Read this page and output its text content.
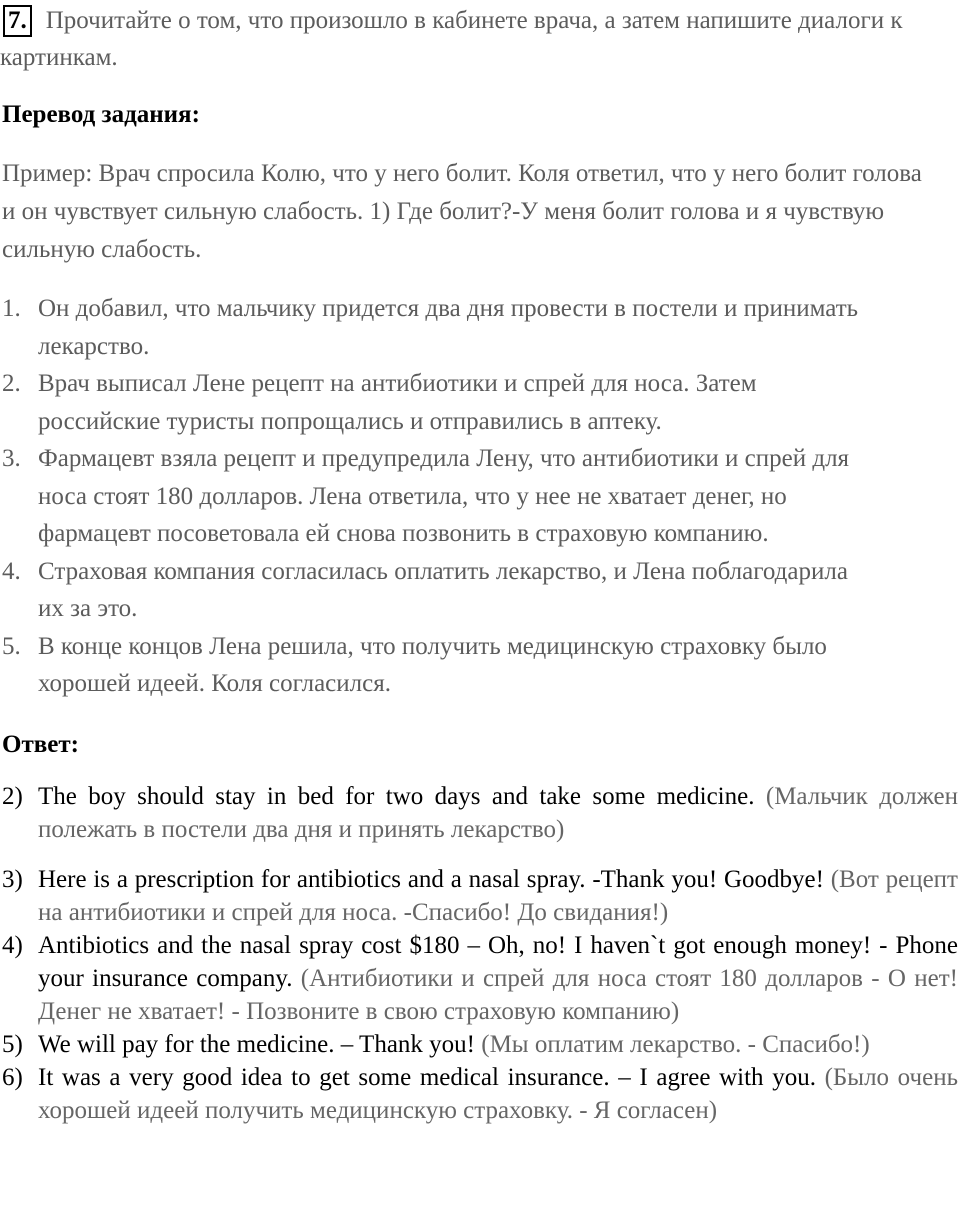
7. Прочитайте о том, что произошло в кабинете врача, а затем напишите диалоги к картинкам.
Перевод задания:
Пример: Врач спросила Колю, что у него болит. Коля ответил, что у него болит голова и он чувствует сильную слабость. 1) Где болит?-У меня болит голова и я чувствую сильную слабость.
1. Он добавил, что мальчику придется два дня провести в постели и принимать лекарство.
2. Врач выписал Лене рецепт на антибиотики и спрей для носа. Затем российские туристы попрощались и отправились в аптеку.
3. Фармацевт взяла рецепт и предупредила Лену, что антибиотики и спрей для носа стоят 180 долларов. Лена ответила, что у нее не хватает денег, но фармацевт посоветовала ей снова позвонить в страховую компанию.
4. Страховая компания согласилась оплатить лекарство, и Лена поблагодарила их за это.
5. В конце концов Лена решила, что получить медицинскую страховку было хорошей идеей. Коля согласился.
Ответ:
2) The boy should stay in bed for two days and take some medicine. (Мальчик должен полежать в постели два дня и принять лекарство)
3) Here is a prescription for antibiotics and a nasal spray. -Thank you! Goodbye! (Вот рецепт на антибиотики и спрей для носа. -Спасибо! До свидания!)
4) Antibiotics and the nasal spray cost $180 – Oh, no! I haven`t got enough money! - Phone your insurance company. (Антибиотики и спрей для носа стоят 180 долларов - О нет! Денег не хватает! - Позвоните в свою страховую компанию)
5) We will pay for the medicine. – Thank you! (Мы оплатим лекарство. - Спасибо!)
6) It was a very good idea to get some medical insurance. – I agree with you. (Было очень хорошей идеей получить медицинскую страховку. - Я согласен)
